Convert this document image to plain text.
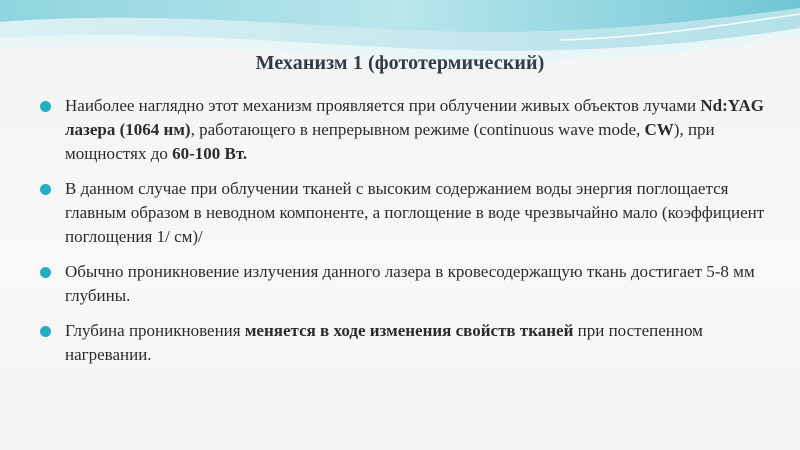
Механизм 1 (фототермический)
Наиболее наглядно этот механизм проявляется при облучении живых объектов лучами Nd:YAG лазера (1064 нм), работающего в непрерывном режиме (continuous wave mode, CW), при мощностях до 60-100 Вт.
В данном случае при облучении тканей с высоким содержанием воды энергия поглощается главным образом в неводном компоненте, а поглощение в воде чрезвычайно мало (коэффициент поглощения 1/ см)/
Обычно проникновение излучения данного лазера в кровесодержащую ткань достигает 5-8 мм глубины.
Глубина проникновения меняется в ходе изменения свойств тканей при постепенном нагревании.
